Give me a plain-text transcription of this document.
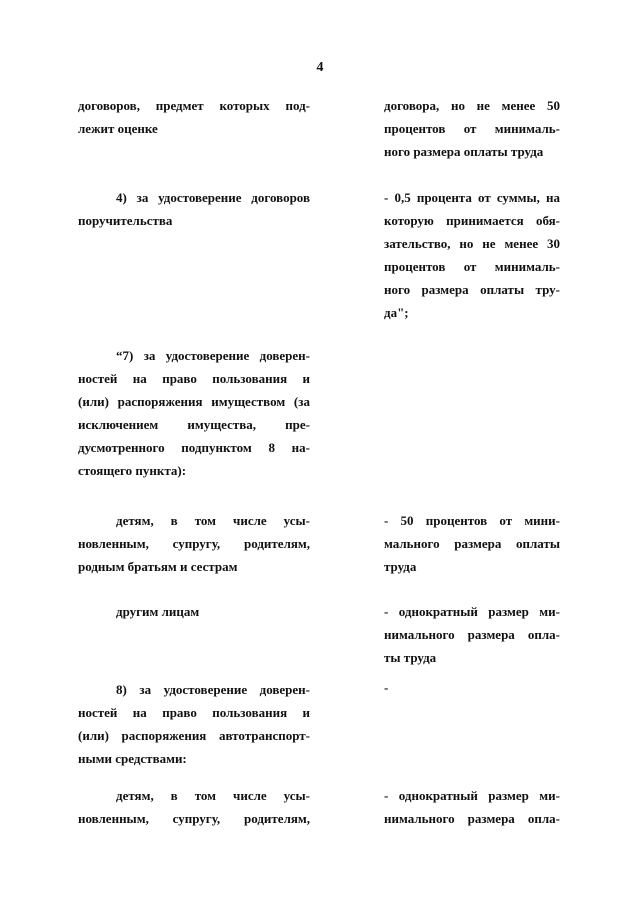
4
договоров, предмет которых под-
лежит оценке
договора, но не менее 50
процентов от минималь-
ного размера оплаты труда
4) за удостоверение договоров
поручительства
- 0,5 процента от суммы, на
которую принимается обя-
зательство, но не менее 30
процентов от минималь-
ного размера оплаты тру-
да";
“7) за удостоверение доверен-
ностей на право пользования и
(или) распоряжения имуществом (за
исключением имущества, пре-
дусмотренного подпунктом 8 на-
стоящего пункта):
детям, в том числе усы-
новленным, супругу, родителям,
родным братьям и сестрам
- 50 процентов от мини-
мального размера оплаты
труда
другим лицам	- однократный размер ми-
нимального размера опла-
ты труда
8) за удостоверение доверен-
ностей на право пользования и
(или) распоряжения автотранспорт-
ными средствами:
-
детям, в том числе усы-
новленным, супругу, родителям,
- однократный размер ми-
нимального размера опла-
